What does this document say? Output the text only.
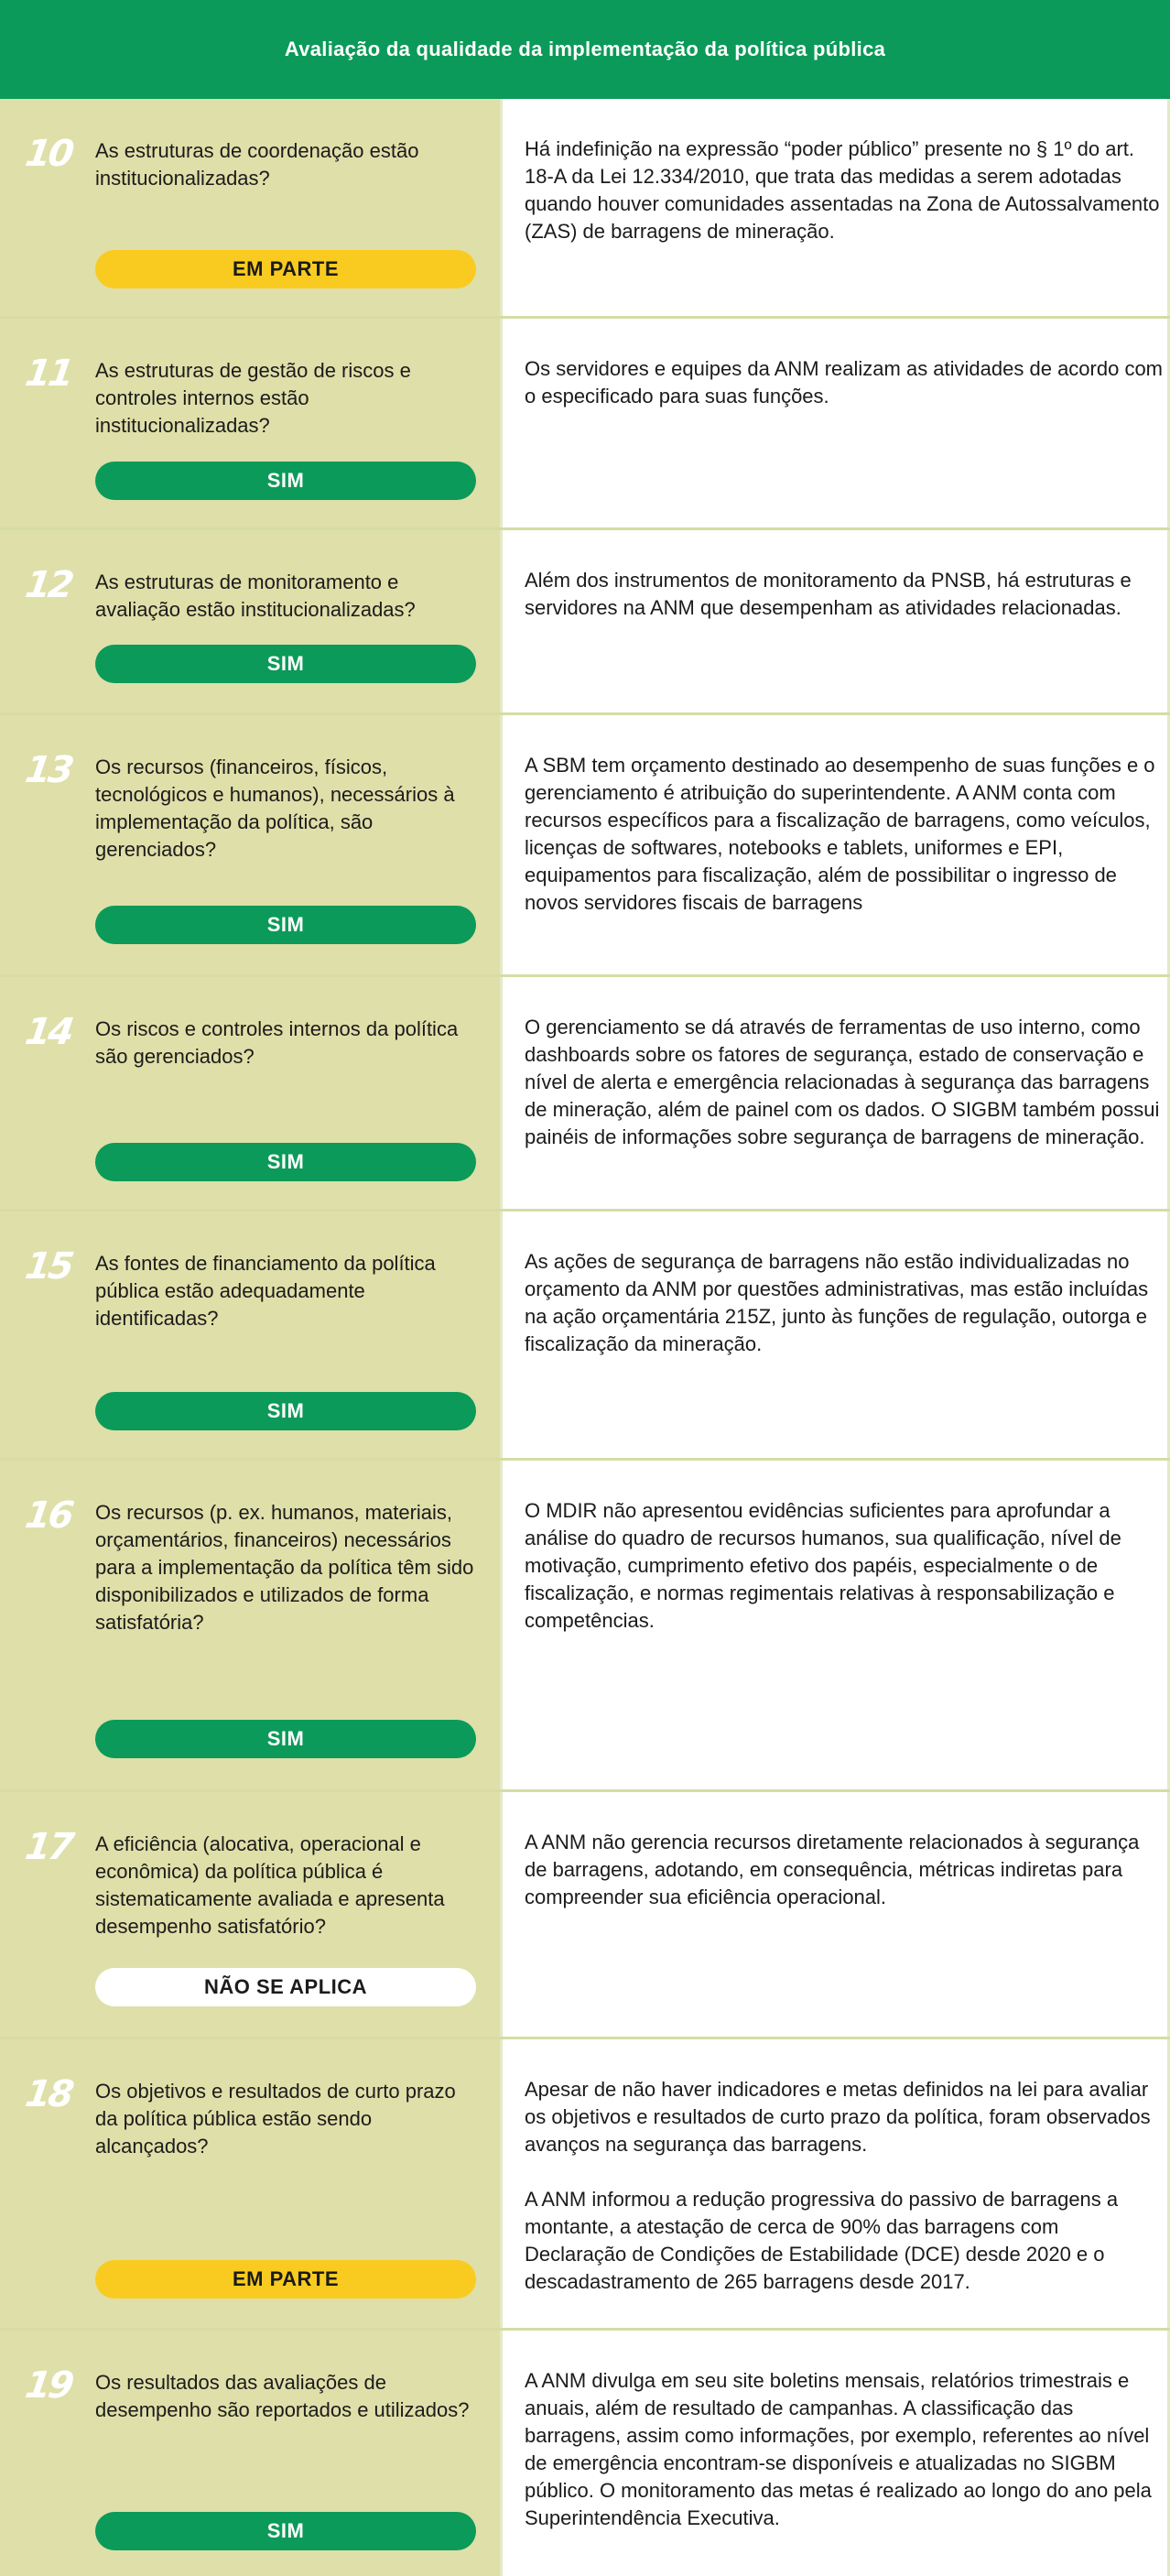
Avaliação da qualidade da implementação da política pública
10 As estruturas de coordenação estão institucionalizadas?
EM PARTE

Há indefinição na expressão “poder público” presente no § 1º do art. 18-A da Lei 12.334/2010, que trata das medidas a serem adotadas quando houver comunidades assentadas na Zona de Autossalvamento (ZAS) de barragens de mineração.

11 As estruturas de gestão de riscos e controles internos estão institucionalizadas?
SIM

Os servidores e equipes da ANM realizam as atividades de acordo com o especificado para suas funções.

12 As estruturas de monitoramento e avaliação estão institucionalizadas?
SIM

Além dos instrumentos de monitoramento da PNSB, há estruturas e servidores na ANM que desempenham as atividades relacionadas.

13 Os recursos (financeiros, físicos, tecnológicos e humanos), necessários à implementação da política, são gerenciados?
SIM

A SBM tem orçamento destinado ao desempenho de suas funções e o gerenciamento é atribuição do superintendente. A ANM conta com recursos específicos para a fiscalização de barragens, como veículos, licenças de softwares, notebooks e tablets, uniformes e EPI, equipamentos para fiscalização, além de possibilitar o ingresso de novos servidores fiscais de barragens

14 Os riscos e controles internos da política são gerenciados?
SIM

O gerenciamento se dá através de ferramentas de uso interno, como dashboards sobre os fatores de segurança, estado de conservação e nível de alerta e emergência relacionadas à segurança das barragens de mineração, além de painel com os dados. O SIGBM também possui painéis de informações sobre segurança de barragens de mineração.

15 As fontes de financiamento da política pública estão adequadamente identificadas?
SIM

As ações de segurança de barragens não estão individualizadas no orçamento da ANM por questões administrativas, mas estão incluídas na ação orçamentária 215Z, junto às funções de regulação, outorga e fiscalização da mineração.

16 Os recursos (p. ex. humanos, materiais, orçamentários, financeiros) necessários para a implementação da política têm sido disponibilizados e utilizados de forma satisfatória?
SIM

O MDIR não apresentou evidências suficientes para aprofundar a análise do quadro de recursos humanos, sua qualificação, nível de motivação, cumprimento efetivo dos papéis, especialmente o de fiscalização, e normas regimentais relativas à responsabilização e competências.

17 A eficiência (alocativa, operacional e econômica) da política pública é sistematicamente avaliada e apresenta desempenho satisfatório?
NÃO SE APLICA

A ANM não gerencia recursos diretamente relacionados à segurança de barragens, adotando, em consequência, métricas indiretas para compreender sua eficiência operacional.

18 Os objetivos e resultados de curto prazo da política pública estão sendo alcançados?
EM PARTE

Apesar de não haver indicadores e metas definidos na lei para avaliar os objetivos e resultados de curto prazo da política, foram observados avanços na segurança das barragens.

A ANM informou a redução progressiva do passivo de barragens a montante, a atestação de cerca de 90% das barragens com Declaração de Condições de Estabilidade (DCE) desde 2020 e o descadastramento de 265 barragens desde 2017.

19 Os resultados das avaliações de desempenho são reportados e utilizados?
SIM

A ANM divulga em seu site boletins mensais, relatórios trimestrais e anuais, além de resultado de campanhas. A classificação das barragens, assim como informações, por exemplo, referentes ao nível de emergência encontram-se disponíveis e atualizadas no SIGBM público. O monitoramento das metas é realizado ao longo do ano pela Superintendência Executiva.
